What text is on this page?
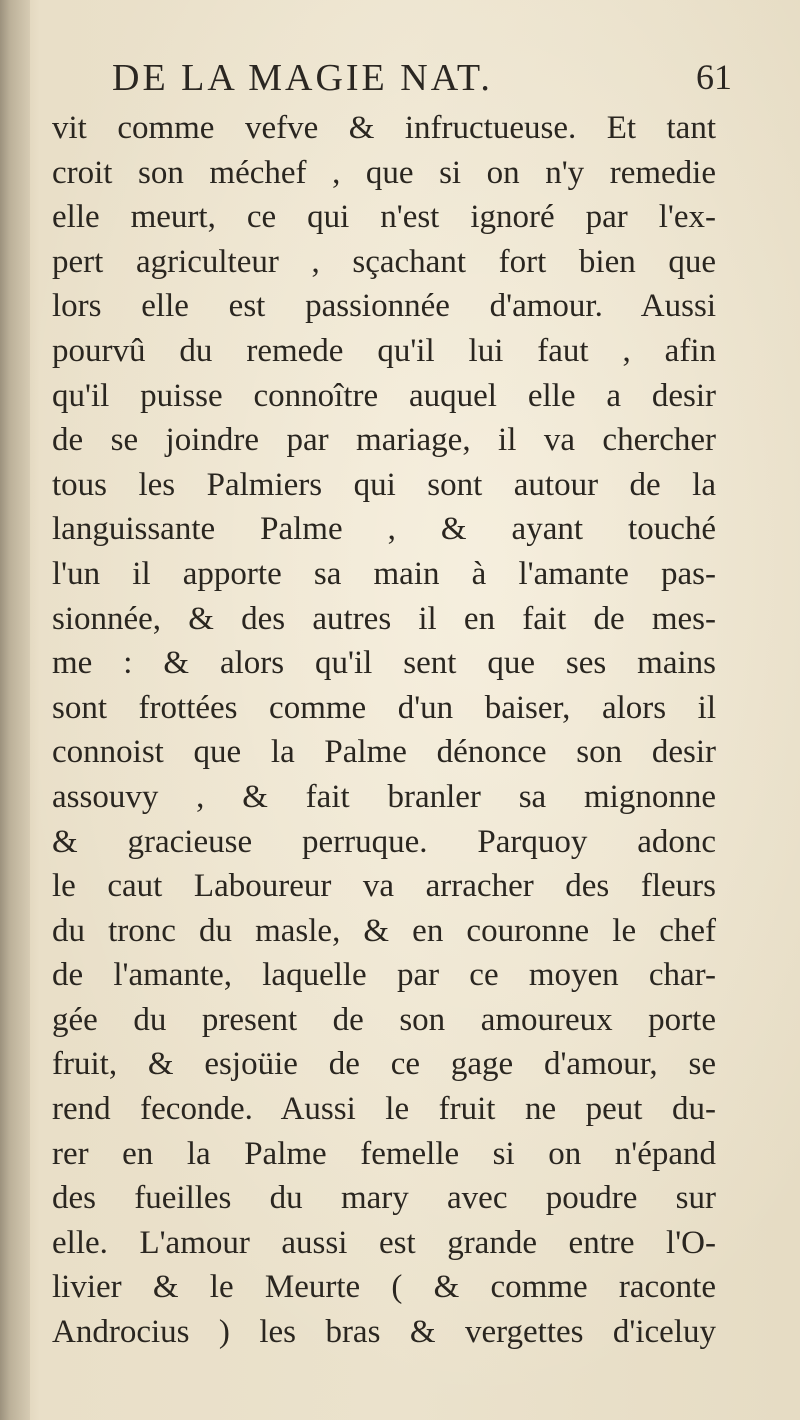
DE LA MAGIE NAT.	61
vit comme vefve & infructueuse. Et tant
croit son méchef , que si on n'y remedie
elle meurt, ce qui n'est ignoré par l'ex-
pert agriculteur , sçachant fort bien que
lors elle est passionnée d'amour. Aussi
pourvû du remede qu'il lui faut , afin
qu'il puisse connoître auquel elle a desir
de se joindre par mariage, il va chercher
tous les Palmiers qui sont autour de la
languissante Palme , & ayant touché
l'un il apporte sa main à l'amante pas-
sionnée, & des autres il en fait de mes-
me : & alors qu'il sent que ses mains
sont frottées comme d'un baiser, alors il
connoist que la Palme dénonce son desir
assouvy , & fait branler sa mignonne
& gracieuse perruque. Parquoy adonc
le caut Laboureur va arracher des fleurs
du tronc du masle, & en couronne le chef
de l'amante, laquelle par ce moyen char-
gée du present de son amoureux porte
fruit, & esjoüie de ce gage d'amour, se
rend feconde. Aussi le fruit ne peut du-
rer en la Palme femelle si on n'épand
des fueilles du mary avec poudre sur
elle. L'amour aussi est grande entre l'O-
livier & le Meurte ( & comme raconte
Androcius ) les bras & vergettes d'iceluy
